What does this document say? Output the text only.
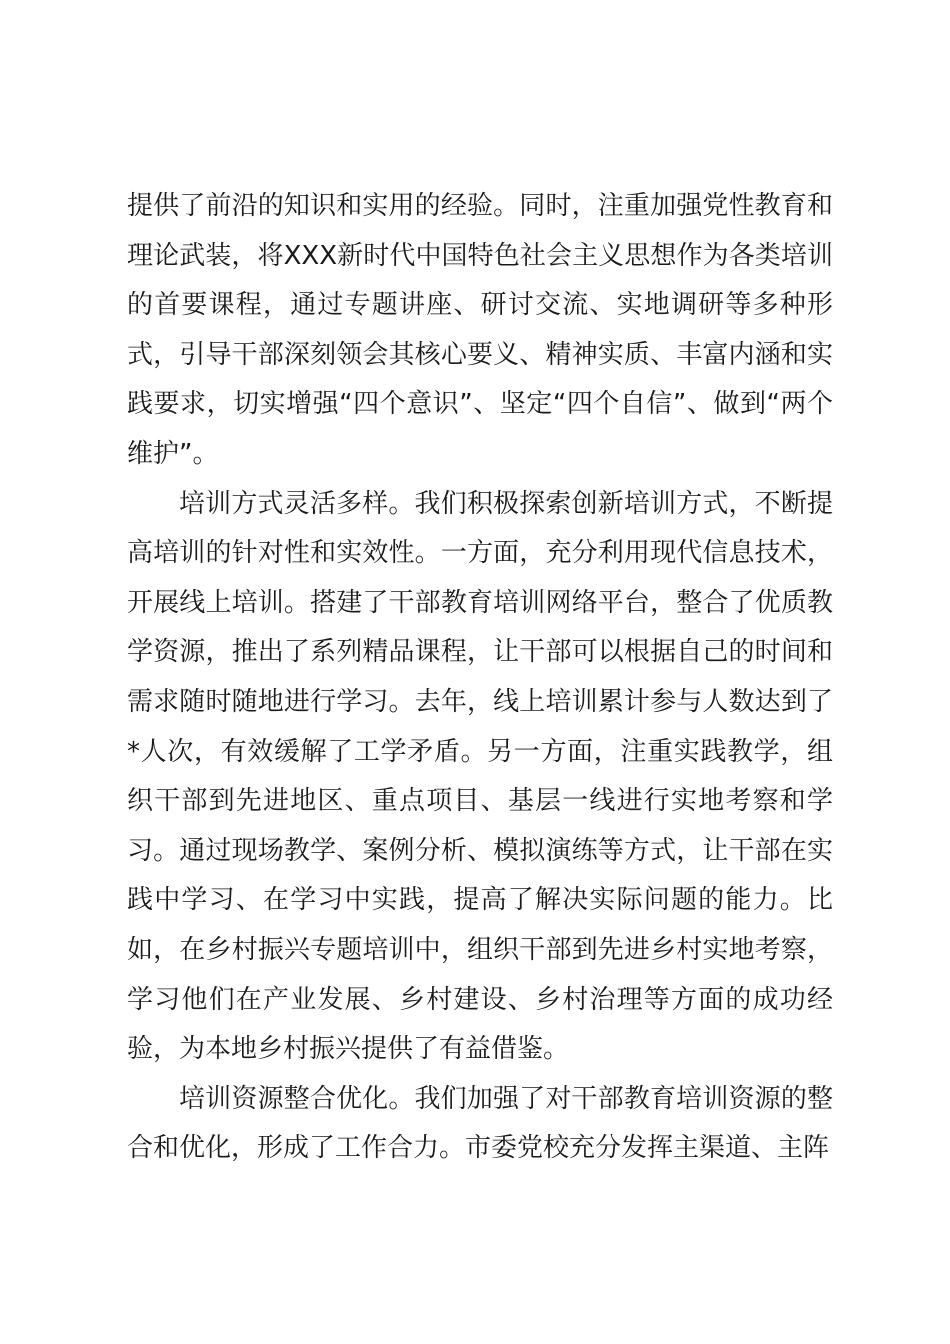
提供了前沿的知识和实用的经验。同时，注重加强党性教育和理论武装，将XXX新时代中国特色社会主义思想作为各类培训的首要课程，通过专题讲座、研讨交流、实地调研等多种形式，引导干部深刻领会其核心要义、精神实质、丰富内涵和实践要求，切实增强“四个意识”、坚定“四个自信”、做到“两个维护”。

培训方式灵活多样。我们积极探索创新培训方式，不断提高培训的针对性和实效性。一方面，充分利用现代信息技术，开展线上培训。搭建了干部教育培训网络平台，整合了优质教学资源，推出了系列精品课程，让干部可以根据自己的时间和需求随时随地进行学习。去年，线上培训累计参与人数达到了*人次，有效缓解了工学矛盾。另一方面，注重实践教学，组织干部到先进地区、重点项目、基层一线进行实地考察和学习。通过现场教学、案例分析、模拟演练等方式，让干部在实践中学习、在学习中实践，提高了解决实际问题的能力。比如，在乡村振兴专题培训中，组织干部到先进乡村实地考察，学习他们在产业发展、乡村建设、乡村治理等方面的成功经验，为本地乡村振兴提供了有益借鉴。

培训资源整合优化。我们加强了对干部教育培训资源的整合和优化，形成了工作合力。市委党校充分发挥主渠道、主阵
